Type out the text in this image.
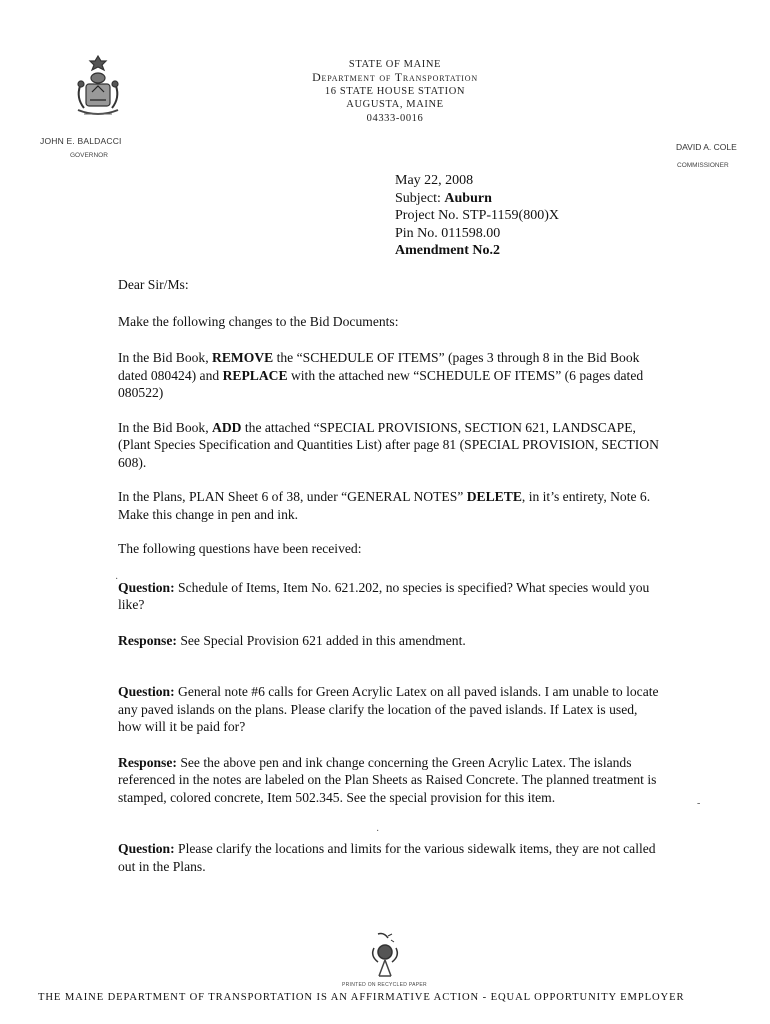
STATE OF MAINE
Department of Transportation
16 STATE HOUSE STATION
AUGUSTA, MAINE
04333-0016
JOHN E. BALDACCI
GOVERNOR
DAVID A. COLE
COMMISSIONER
May 22, 2008
Subject: Auburn
Project No. STP-1159(800)X
Pin No. 011598.00
Amendment No.2

Dear Sir/Ms:

Make the following changes to the Bid Documents:

In the Bid Book, REMOVE the “SCHEDULE OF ITEMS” (pages 3 through 8 in the Bid Book dated 080424) and REPLACE with the attached new “SCHEDULE OF ITEMS” (6 pages dated 080522)

In the Bid Book, ADD the attached “SPECIAL PROVISIONS, SECTION 621, LANDSCAPE, (Plant Species Specification and Quantities List) after page 81 (SPECIAL PROVISION, SECTION 608).

In the Plans, PLAN Sheet 6 of 38, under “GENERAL NOTES” DELETE, in it’s entirety, Note 6. Make this change in pen and ink.

The following questions have been received:

Question: Schedule of Items, Item No. 621.202, no species is specified? What species would you like?

Response: See Special Provision 621 added in this amendment.

Question: General note #6 calls for Green Acrylic Latex on all paved islands. I am unable to locate any paved islands on the plans. Please clarify the location of the paved islands. If Latex is used, how will it be paid for?

Response: See the above pen and ink change concerning the Green Acrylic Latex. The islands referenced in the notes are labeled on the Plan Sheets as Raised Concrete. The planned treatment is stamped, colored concrete, Item 502.345. See the special provision for this item.

Question: Please clarify the locations and limits for the various sidewalk items, they are not called out in the Plans.

·
-
·
PRINTED ON RECYCLED PAPER
THE MAINE DEPARTMENT OF TRANSPORTATION IS AN AFFIRMATIVE ACTION - EQUAL OPPORTUNITY EMPLOYER
